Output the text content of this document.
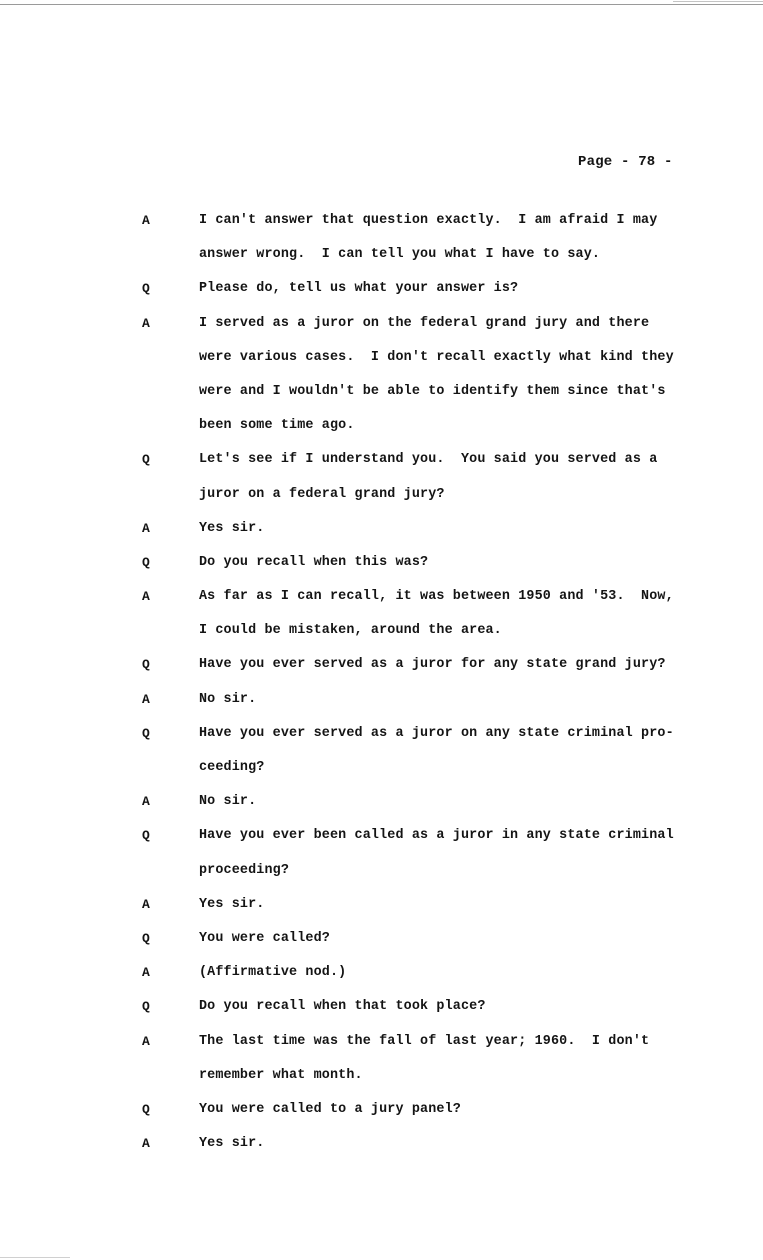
Page - 78 -
A	I can't answer that question exactly.  I am afraid I may
answer wrong.  I can tell you what I have to say.
Q	Please do, tell us what your answer is?
A	I served as a juror on the federal grand jury and there
were various cases.  I don't recall exactly what kind they
were and I wouldn't be able to identify them since that's
been some time ago.
Q	Let's see if I understand you.  You said you served as a
juror on a federal grand jury?
A	Yes sir.
Q	Do you recall when this was?
A	As far as I can recall, it was between 1950 and '53.  Now,
I could be mistaken, around the area.
Q	Have you ever served as a juror for any state grand jury?
A	No sir.
Q	Have you ever served as a juror on any state criminal pro-
ceeding?
A	No sir.
Q	Have you ever been called as a juror in any state criminal
proceeding?
A	Yes sir.
Q	You were called?
A	(Affirmative nod.)
Q	Do you recall when that took place?
A	The last time was the fall of last year; 1960.  I don't
remember what month.
Q	You were called to a jury panel?
A	Yes sir.
